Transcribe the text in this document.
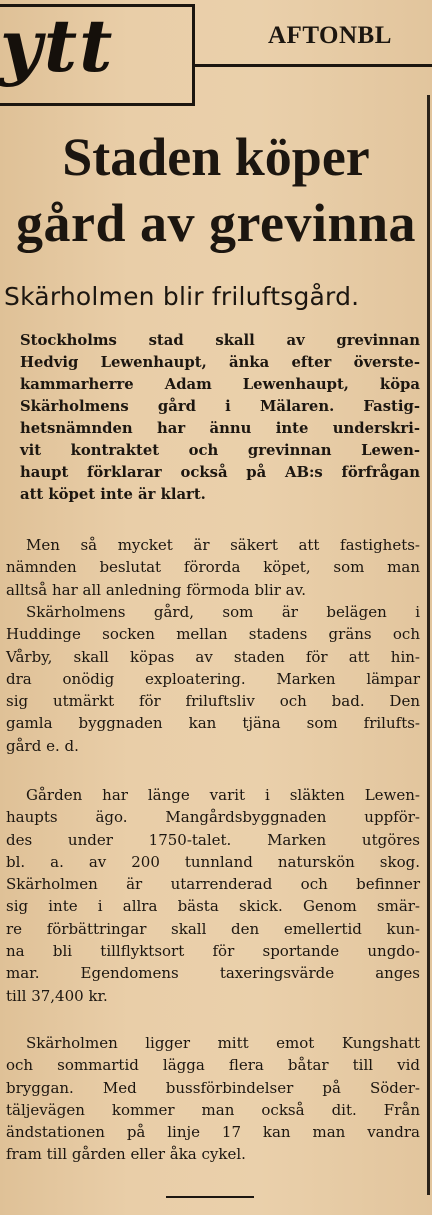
ytt	AFTONBL
Staden köper
gård av grevinna
Skärholmen blir friluftsgård.
Stockholms stad skall av grevinnan
Hedvig Lewenhaupt, änka efter överste-
kammarherre Adam Lewenhaupt, köpa
Skärholmens gård i Mälaren. Fastig-
hetsnämnden har ännu inte underskri-
vit kontraktet och grevinnan Lewen-
haupt förklarar också på AB:s förfrågan
att köpet inte är klart.
Men så mycket är säkert att fastighets-
nämnden beslutat förorda köpet, som man
alltså har all anledning förmoda blir av.
Skärholmens gård, som är belägen i
Huddinge socken mellan stadens gräns och
Vårby, skall köpas av staden för att hin-
dra onödig exploatering. Marken lämpar
sig utmärkt för friluftsliv och bad. Den
gamla byggnaden kan tjäna som frilufts-
gård e. d.
Gården har länge varit i släkten Lewen-
haupts ägo. Mangårdsbyggnaden uppför-
des under 1750-talet. Marken utgöres
bl. a. av 200 tunnland naturskön skog.
Skärholmen är utarrenderad och befinner
sig inte i allra bästa skick. Genom smär-
re förbättringar skall den emellertid kun-
na bli tillflyktsort för sportande ungdo-
mar. Egendomens taxeringsvärde anges
till 37,400 kr.
Skärholmen ligger mitt emot Kungshatt
och sommartid lägga flera båtar till vid
bryggan. Med bussförbindelser på Söder-
täljevägen kommer man också dit. Från
ändstationen på linje 17 kan man vandra
fram till gården eller åka cykel.
